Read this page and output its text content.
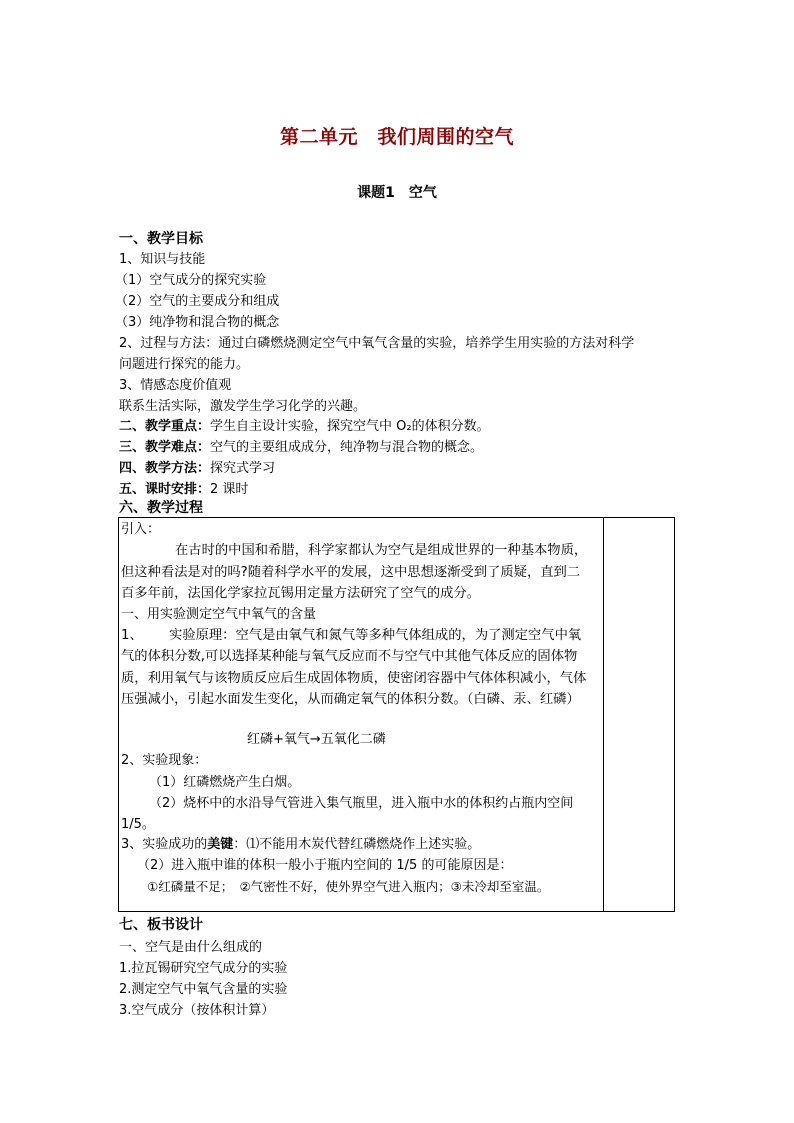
第二单元　我们周围的空气
课题1　空气
一、教学目标
1、知识与技能
（1）空气成分的探究实验
（2）空气的主要成分和组成
（3）纯净物和混合物的概念
2、过程与方法：通过白磷燃烧测定空气中氧气含量的实验，培养学生用实验的方法对科学
问题进行探究的能力。
3、情感态度价值观
联系生活实际，激发学生学习化学的兴趣。
二、教学重点：学生自主设计实验，探究空气中 O₂的体积分数。
三、教学难点：空气的主要组成成分，纯净物与混合物的概念。
四、教学方法：探究式学习
五、课时安排：2 课时
六、教学过程
引入：
在古时的中国和希腊，科学家都认为空气是组成世界的一种基本物质，
但这种看法是对的吗?随着科学水平的发展，这中思想逐渐受到了质疑，直到二
百多年前，法国化学家拉瓦锡用定量方法研究了空气的成分。
一、用实验测定空气中氧气的含量
1、 实验原理：空气是由氧气和氮气等多种气体组成的，为了测定空气中氧
气的体积分数,可以选择某种能与氧气反应而不与空气中其他气体反应的固体物
质，利用氧气与该物质反应后生成固体物质，使密闭容器中气体体积减小，气体
压强减小，引起水面发生变化，从而确定氧气的体积分数。（白磷、汞、红磷）
红磷+氧气→五氧化二磷
2、实验现象：
（1）红磷燃烧产生白烟。
（2）烧杯中的水沿导气管进入集气瓶里，进入瓶中水的体积约占瓶内空间
1/5。
3、实验成功的美键：⑴不能用木炭代替红磷燃烧作上述实验。
（2）进入瓶中谁的体积一般小于瓶内空间的 1/5 的可能原因是：
①红磷量不足；　②气密性不好，使外界空气进入瓶内；③未冷却至室温。
七、板书设计
一、空气是由什么组成的
1.拉瓦锡研究空气成分的实验
2.测定空气中氧气含量的实验
3.空气成分（按体积计算）
